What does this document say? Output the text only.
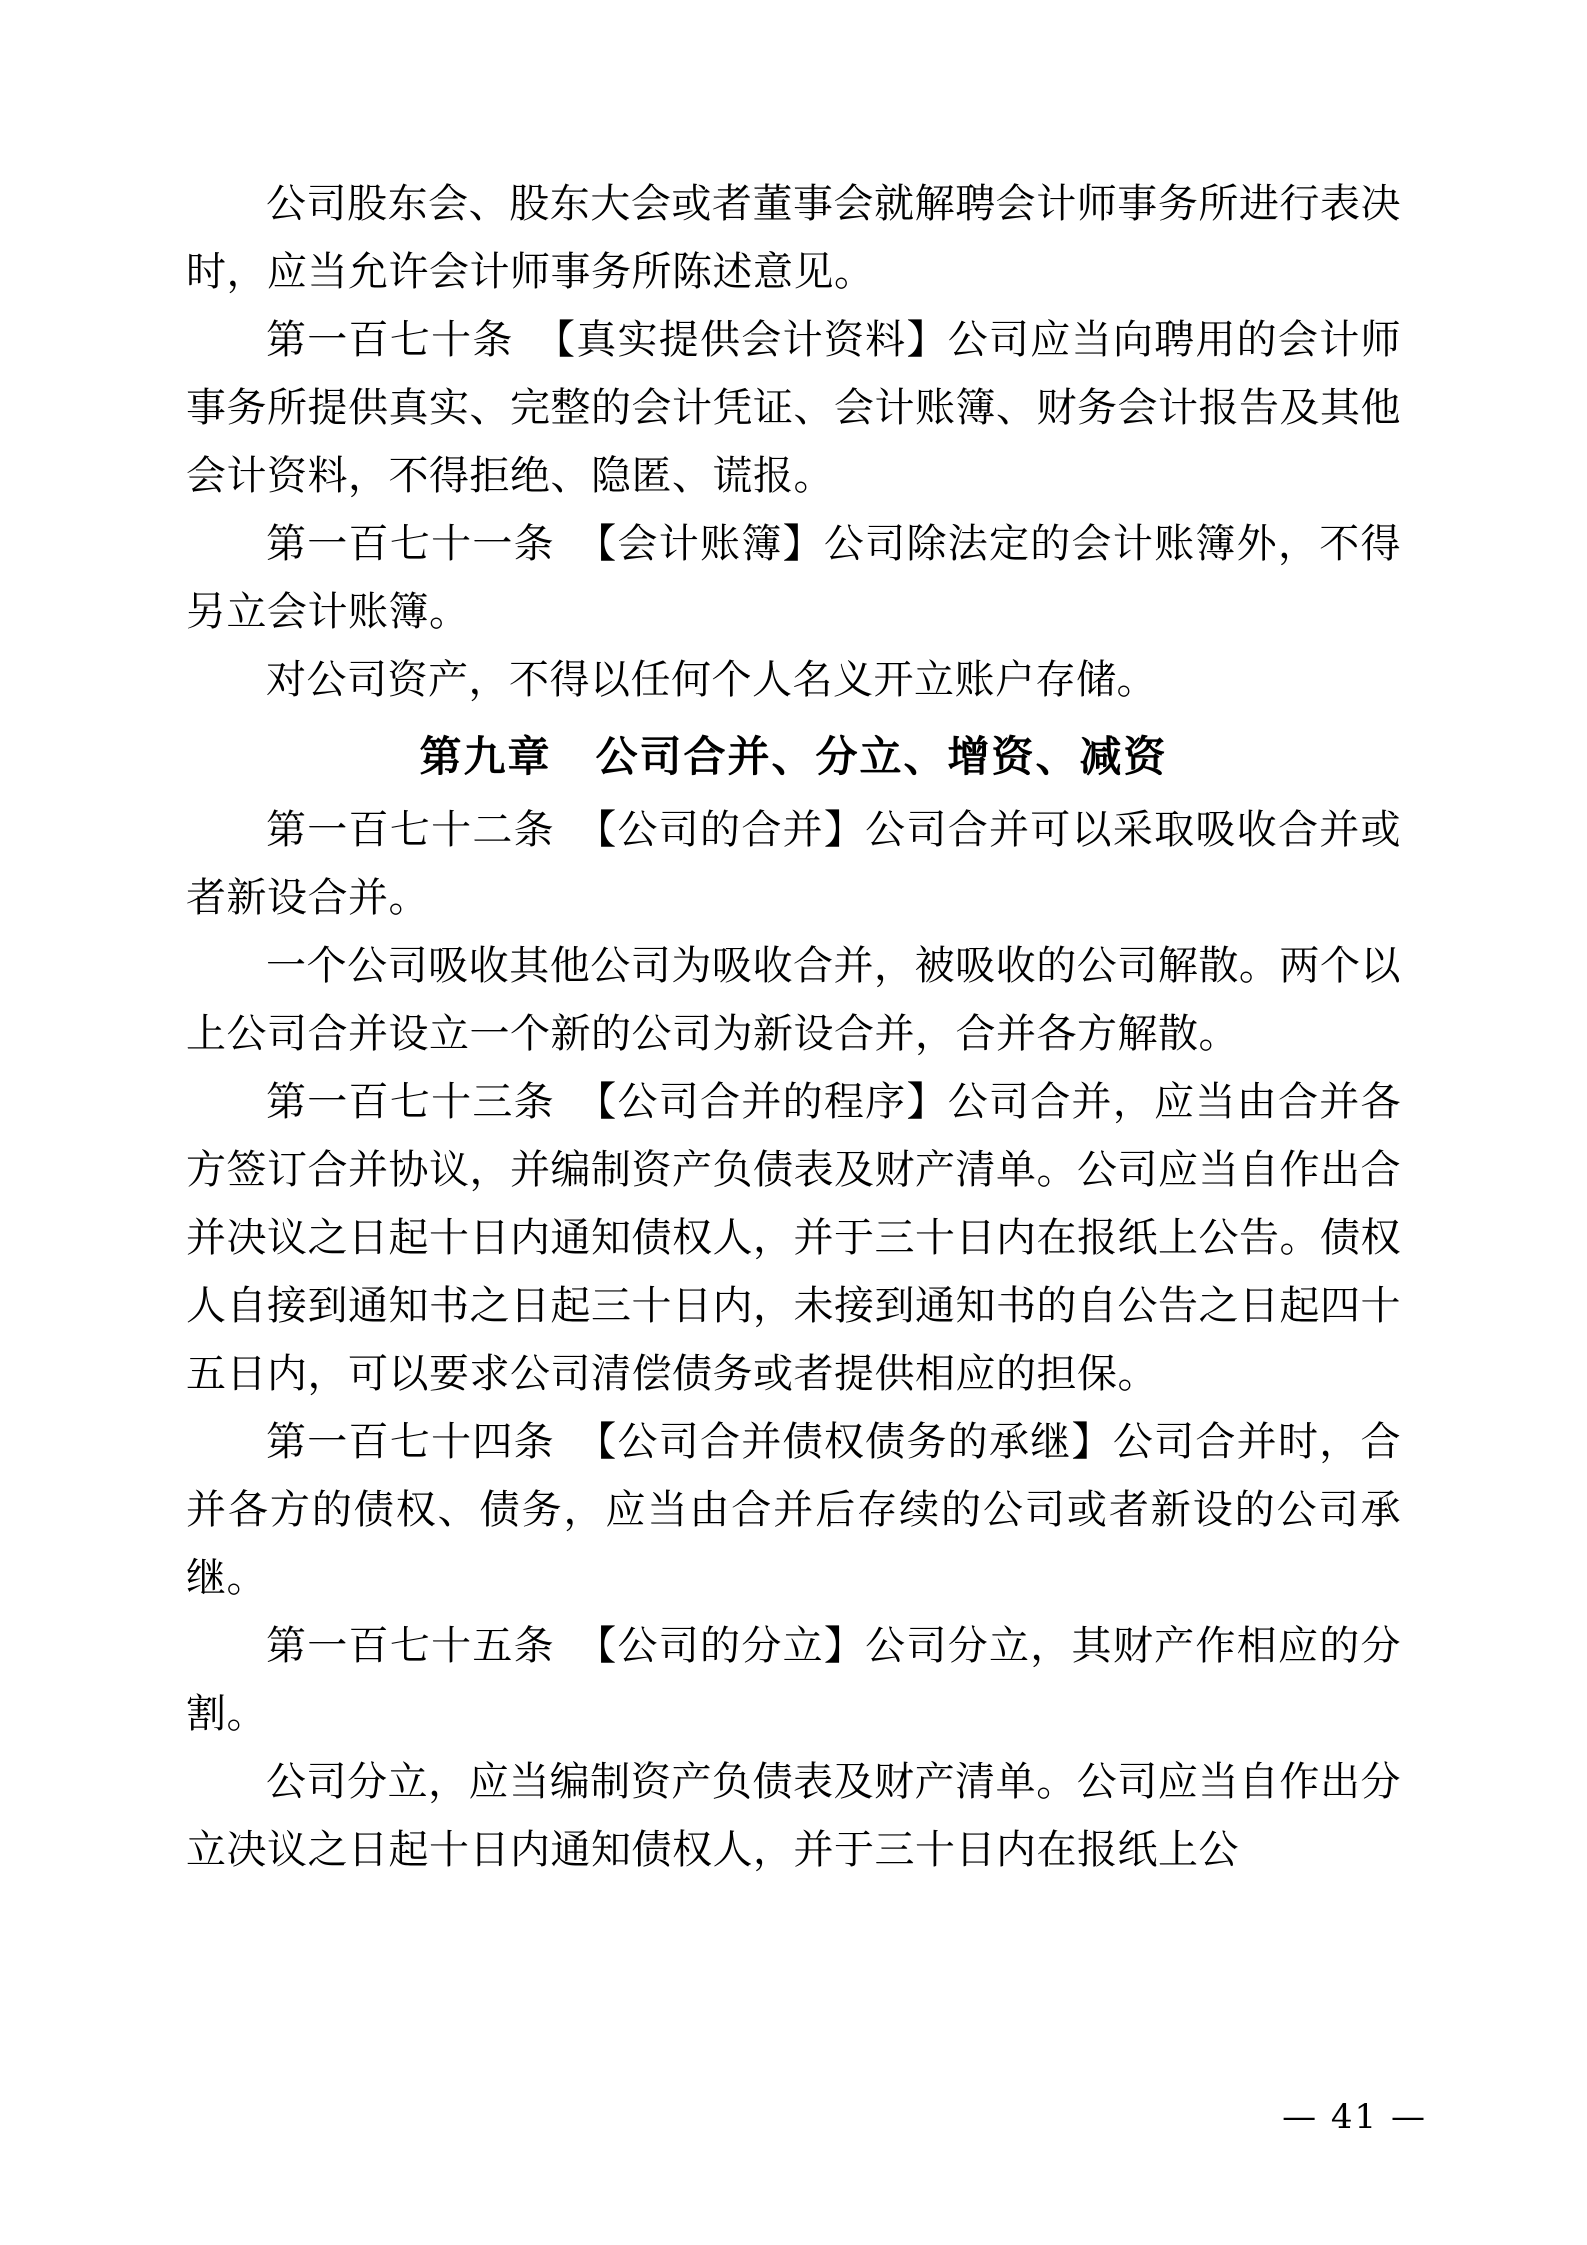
公司股东会、股东大会或者董事会就解聘会计师事务所进行表决时，应当允许会计师事务所陈述意见。

第一百七十条　【真实提供会计资料】公司应当向聘用的会计师事务所提供真实、完整的会计凭证、会计账簿、财务会计报告及其他会计资料，不得拒绝、隐匿、谎报。

第一百七十一条　【会计账簿】公司除法定的会计账簿外，不得另立会计账簿。

对公司资产，不得以任何个人名义开立账户存储。

第九章　公司合并、分立、增资、减资

第一百七十二条　【公司的合并】公司合并可以采取吸收合并或者新设合并。

一个公司吸收其他公司为吸收合并，被吸收的公司解散。两个以上公司合并设立一个新的公司为新设合并，合并各方解散。

第一百七十三条　【公司合并的程序】公司合并，应当由合并各方签订合并协议，并编制资产负债表及财产清单。公司应当自作出合并决议之日起十日内通知债权人，并于三十日内在报纸上公告。债权人自接到通知书之日起三十日内，未接到通知书的自公告之日起四十五日内，可以要求公司清偿债务或者提供相应的担保。

第一百七十四条　【公司合并债权债务的承继】公司合并时，合并各方的债权、债务，应当由合并后存续的公司或者新设的公司承继。

第一百七十五条　【公司的分立】公司分立，其财产作相应的分割。

公司分立，应当编制资产负债表及财产清单。公司应当自作出分立决议之日起十日内通知债权人，并于三十日内在报纸上公

— 41 —
